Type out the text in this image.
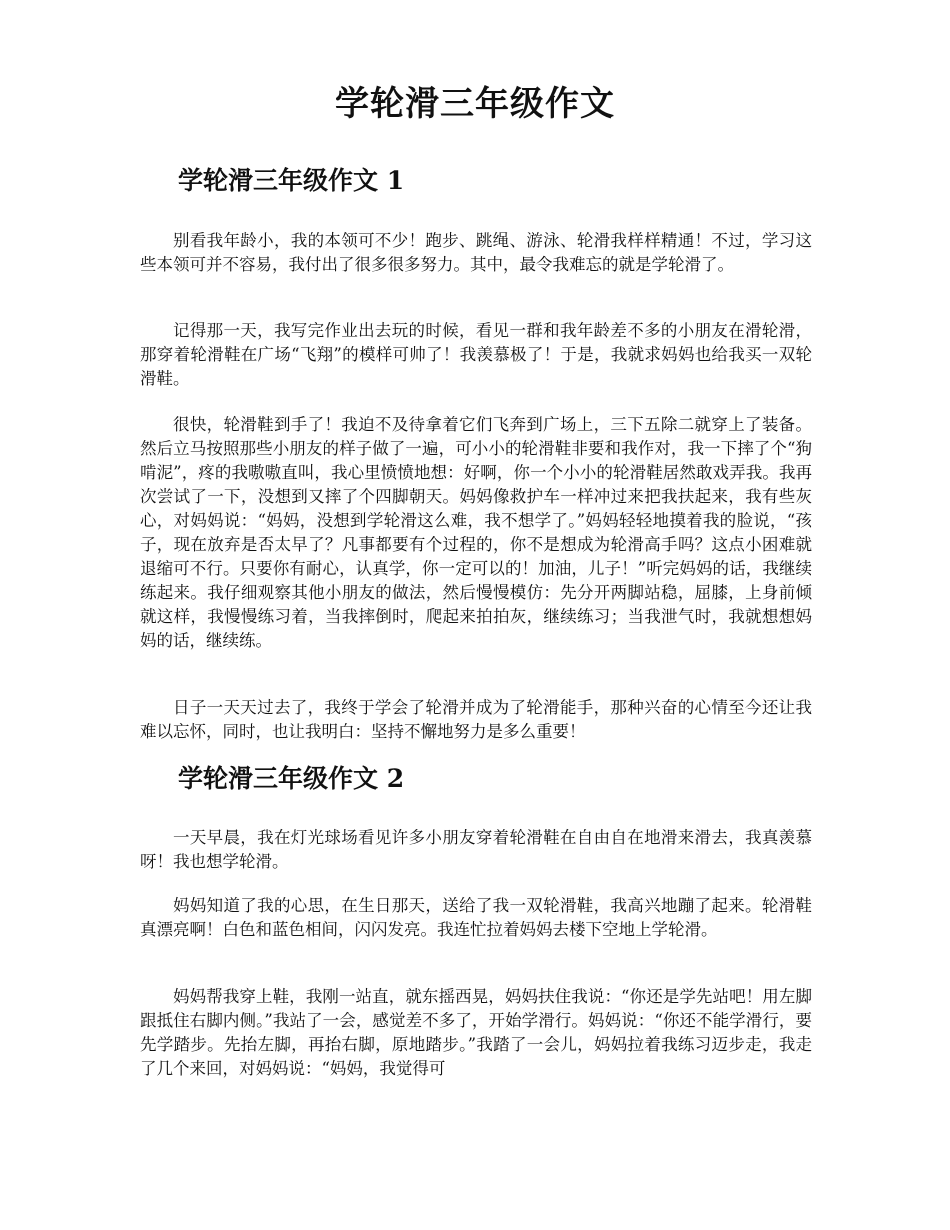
学轮滑三年级作文
学轮滑三年级作文 1

别看我年龄小，我的本领可不少！跑步、跳绳、游泳、轮滑我样样精通！不过，学习这些本领可并不容易，我付出了很多很多努力。其中，最令我难忘的就是学轮滑了。

记得那一天，我写完作业出去玩的时候，看见一群和我年龄差不多的小朋友在滑轮滑，那穿着轮滑鞋在广场“飞翔”的模样可帅了！我羡慕极了！于是，我就求妈妈也给我买一双轮滑鞋。

很快，轮滑鞋到手了！我迫不及待拿着它们飞奔到广场上，三下五除二就穿上了装备。然后立马按照那些小朋友的样子做了一遍，可小小的轮滑鞋非要和我作对，我一下摔了个“狗啃泥”，疼的我嗷嗷直叫，我心里愤愤地想：好啊，你一个小小的轮滑鞋居然敢戏弄我。我再次尝试了一下，没想到又摔了个四脚朝天。妈妈像救护车一样冲过来把我扶起来，我有些灰心，对妈妈说：“妈妈，没想到学轮滑这么难，我不想学了。”妈妈轻轻地摸着我的脸说，“孩子，现在放弃是否太早了？凡事都要有个过程的，你不是想成为轮滑高手吗？这点小困难就退缩可不行。只要你有耐心，认真学，你一定可以的！加油，儿子！”听完妈妈的话，我继续练起来。我仔细观察其他小朋友的做法，然后慢慢模仿：先分开两脚站稳，屈膝，上身前倾就这样，我慢慢练习着，当我摔倒时，爬起来拍拍灰，继续练习；当我泄气时，我就想想妈妈的话，继续练。

日子一天天过去了，我终于学会了轮滑并成为了轮滑能手，那种兴奋的心情至今还让我难以忘怀，同时，也让我明白：坚持不懈地努力是多么重要！

学轮滑三年级作文 2

一天早晨，我在灯光球场看见许多小朋友穿着轮滑鞋在自由自在地滑来滑去，我真羡慕呀！我也想学轮滑。

妈妈知道了我的心思，在生日那天，送给了我一双轮滑鞋，我高兴地蹦了起来。轮滑鞋真漂亮啊！白色和蓝色相间，闪闪发亮。我连忙拉着妈妈去楼下空地上学轮滑。

妈妈帮我穿上鞋，我刚一站直，就东摇西晃，妈妈扶住我说：“你还是学先站吧！用左脚跟抵住右脚内侧。”我站了一会，感觉差不多了，开始学滑行。妈妈说：“你还不能学滑行，要先学踏步。先抬左脚，再抬右脚，原地踏步。”我踏了一会儿，妈妈拉着我练习迈步走，我走了几个来回，对妈妈说：“妈妈，我觉得可
